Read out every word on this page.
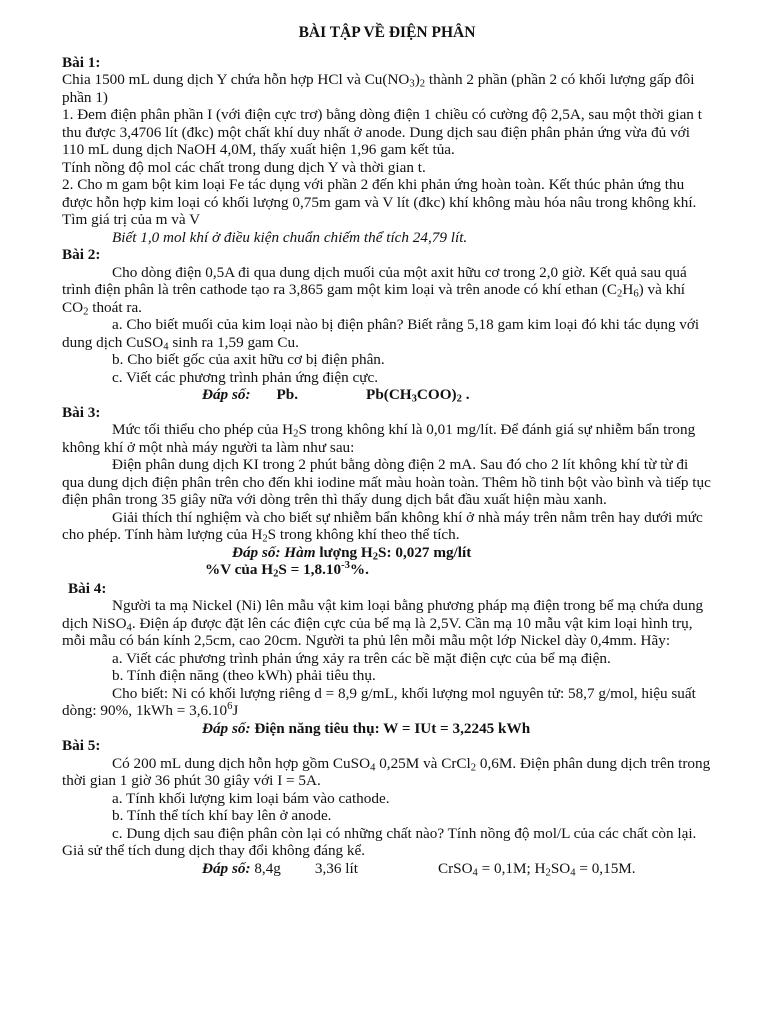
BÀI TẬP VỀ ĐIỆN PHÂN

Bài 1:

Chia 1500 mL dung dịch Y chứa hỗn hợp HCl và $Cu(NO_3)_2$ thành 2 phần (phần 2 có khối lượng gấp đôi phần 1)

1. Đem điện phân phần I (với điện cực trơ) bằng dòng điện 1 chiều có cường độ 2,5A, sau một thời gian t thu được 3,4706 lít (đkc) một chất khí duy nhất ở anode. Dung dịch sau điện phân phản ứng vừa đủ với 110 mL dung dịch NaOH 4,0M, thấy xuất hiện 1,96 gam kết tủa.

Tính nồng độ mol các chất trong dung dịch Y và thời gian t.

2. Cho m gam bột kim loại Fe tác dụng với phần 2 đến khi phản ứng hoàn toàn. Kết thúc phản ứng thu được hỗn hợp kim loại có khối lượng 0,75m gam và V lít (đkc) khí không màu hóa nâu trong không khí. Tìm giá trị của m và V

Biết 1,0 mol khí ở điều kiện chuẩn chiếm thể tích 24,79 lít.

Bài 2:

Cho dòng điện 0,5A đi qua dung dịch muối của một axit hữu cơ trong 2,0 giờ. Kết quả sau quá trình điện phân là trên cathode tạo ra 3,865 gam một kim loại và trên anode có khí ethan $(C_2H_6)$ và khí $CO_2$ thoát ra.

a. Cho biết muối của kim loại nào bị điện phân? Biết rằng 5,18 gam kim loại đó khi tác dụng với dung dịch CuSO$_4$ sinh ra 1,59 gam Cu.

b. Cho biết gốc của axit hữu cơ bị điện phân.

c. Viết các phương trình phản ứng điện cực.

Đáp số: Pb.	$Pb(CH_3COO)_2$ .

Bài 3:

Mức tối thiểu cho phép của $H_2S$ trong không khí là 0,01 mg/lít. Để đánh giá sự nhiễm bẩn trong không khí ở một nhà máy người ta làm như sau:

Điện phân dung dịch KI trong 2 phút bằng dòng điện 2 mA. Sau đó cho 2 lít không khí từ từ đi qua dung dịch điện phân trên cho đến khi iodine mất màu hoàn toàn. Thêm hồ tinh bột vào bình và tiếp tục điện phân trong 35 giây nữa với dòng trên thì thấy dung dịch bắt đầu xuất hiện màu xanh.

Giải thích thí nghiệm và cho biết sự nhiễm bẩn không khí ở nhà máy trên nằm trên hay dưới mức cho phép. Tính hàm lượng của $H_2S$ trong không khí theo thể tích.

Đáp số: Hàm lượng $H_2S$: 0,027 mg/lít

%V của $H_2S = 1,8.10^{-3}\%$.

Bài 4:

Người ta mạ Nickel (Ni) lên mẫu vật kim loại bằng phương pháp mạ điện trong bể mạ chứa dung dịch NiSO$_4$. Điện áp được đặt lên các điện cực của bể mạ là 2,5V. Cần mạ 10 mẫu vật kim loại hình trụ, mỗi mẫu có bán kính 2,5cm, cao 20cm. Người ta phủ lên mỗi mẫu một lớp Nickel dày 0,4mm. Hãy:

a. Viết các phương trình phản ứng xảy ra trên các bề mặt điện cực của bể mạ điện.

b. Tính điện năng (theo kWh) phải tiêu thụ.

Cho biết: Ni có khối lượng riêng d = 8,9 g/mL, khối lượng mol nguyên tử: 58,7 g/mol, hiệu suất dòng: 90%, $1kWh = 3,6.10^6J$

Đáp số: Điện năng tiêu thụ: W = IUt = 3,2245 kWh

Bài 5:

Có 200 mL dung dịch hỗn hợp gồm CuSO$_4$ 0,25M và CrCl$_2$ 0,6M. Điện phân dung dịch trên trong thời gian 1 giờ 36 phút 30 giây với I = 5A.

a. Tính khối lượng kim loại bám vào cathode.

b. Tính thể tích khí bay lên ở anode.

c. Dung dịch sau điện phân còn lại có những chất nào? Tính nồng độ mol/L của các chất còn lại. Giả sử thể tích dung dịch thay đổi không đáng kể.

Đáp số: 8,4g	3,36 lít	CrSO$_4$ = 0,1M; $H_2SO_4 = 0,15M$.
